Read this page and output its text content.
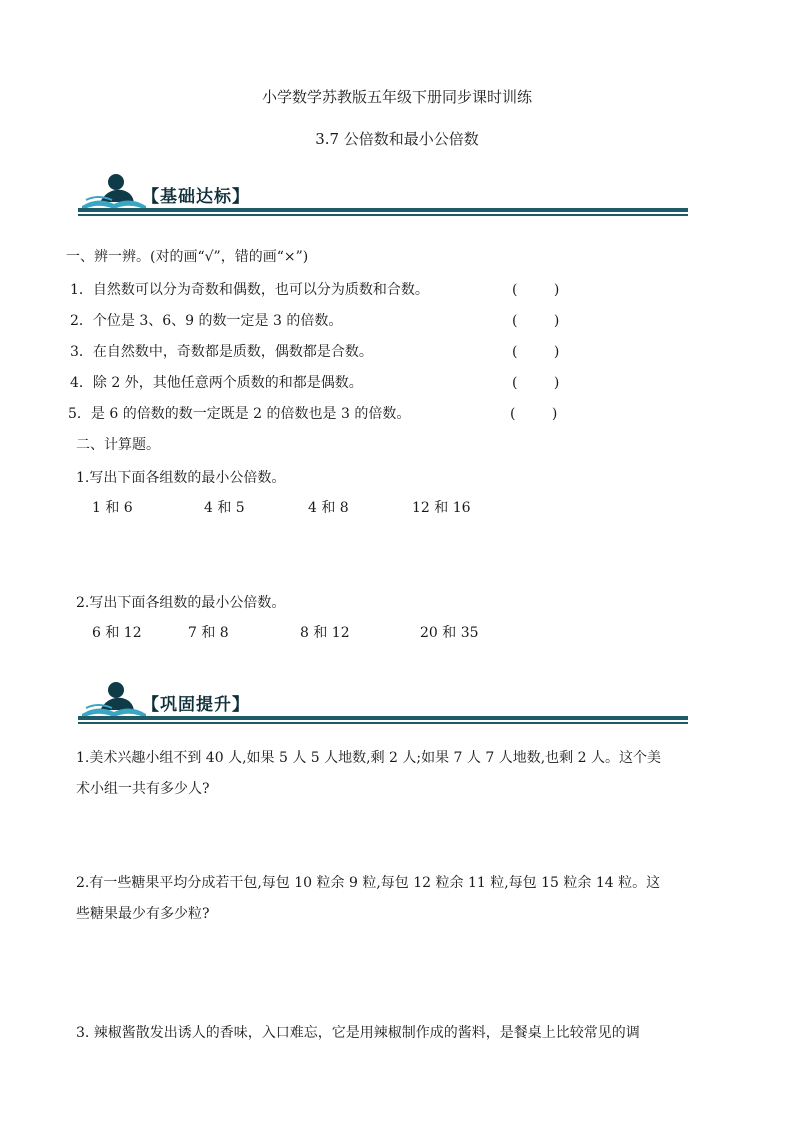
小学数学苏教版五年级下册同步课时训练
3.7 公倍数和最小公倍数
【基础达标】
一、辨一辨。(对的画“√”，错的画“×”)
1．自然数可以分为奇数和偶数，也可以分为质数和合数。	( )
2．个位是 3、6、9 的数一定是 3 的倍数。	( )
3．在自然数中，奇数都是质数，偶数都是合数。	( )
4．除 2 外，其他任意两个质数的和都是偶数。	( )
5．是 6 的倍数的数一定既是 2 的倍数也是 3 的倍数。	( )
二、计算题。
1.写出下面各组数的最小公倍数。
1 和 6	4 和 5	4 和 8	12 和 16
2.写出下面各组数的最小公倍数。
6 和 12	7 和 8	8 和 12	20 和 35
【巩固提升】
1.美术兴趣小组不到 40 人,如果 5 人 5 人地数,剩 2 人;如果 7 人 7 人地数,也剩 2 人。这个美
术小组一共有多少人?
2.有一些糖果平均分成若干包,每包 10 粒余 9 粒,每包 12 粒余 11 粒,每包 15 粒余 14 粒。这
些糖果最少有多少粒?
3. 辣椒酱散发出诱人的香味，入口难忘，它是用辣椒制作成的酱料，是餐桌上比较常见的调
